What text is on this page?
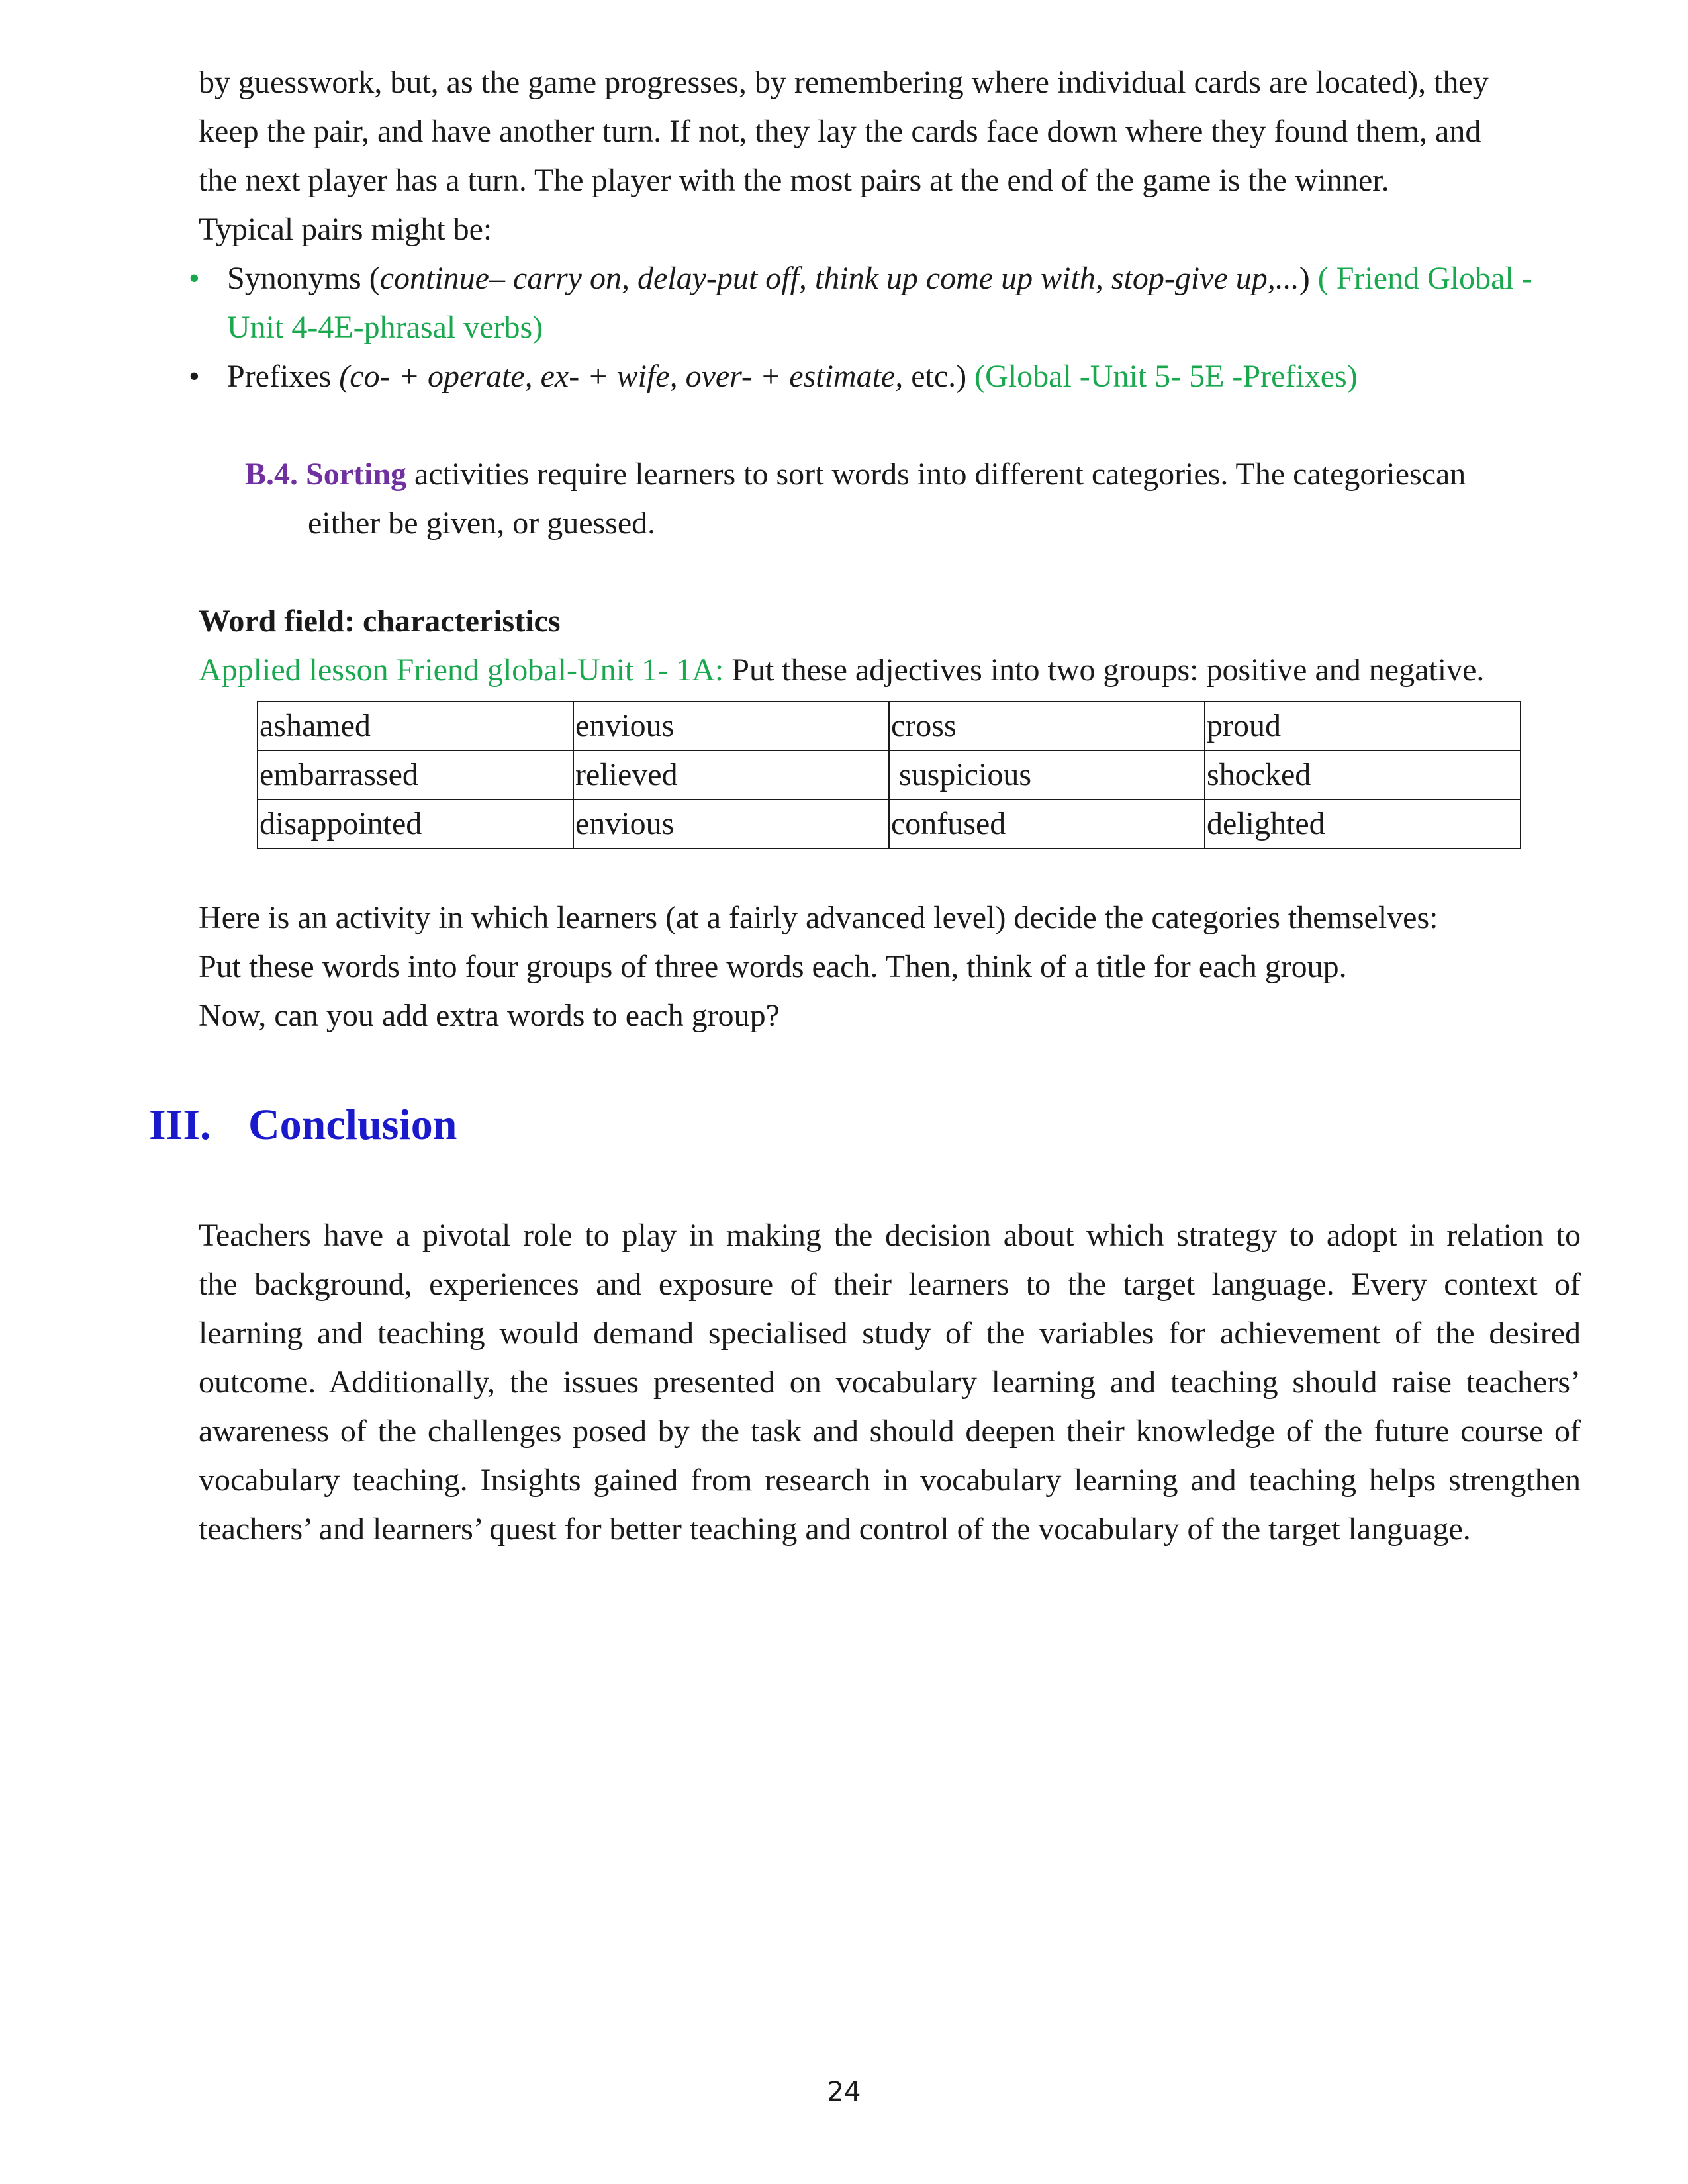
by guesswork, but, as the game progresses, by remembering where individual cards are located), they
keep the pair, and have another turn. If not, they lay the cards face down where they found them, and
the next player has a turn. The player with the most pairs at the end of the game is the winner.
Typical pairs might be:
• Synonyms (continue– carry on, delay-put off, think up come up with, stop-give up,...) ( Friend Global -
Unit 4-4E-phrasal verbs)
• Prefixes (co- + operate, ex- + wife, over- + estimate, etc.) (Global -Unit 5- 5E -Prefixes)
B.4. Sorting activities require learners to sort words into different categories. The categoriescan
either be given, or guessed.
Word field: characteristics
Applied lesson Friend global-Unit 1- 1A: Put these adjectives into two groups: positive and negative.
ashamed	envious	cross	proud
embarrassed	relieved	suspicious	shocked
disappointed	envious	confused	delighted
Here is an activity in which learners (at a fairly advanced level) decide the categories themselves:
Put these words into four groups of three words each. Then, think of a title for each group.
Now, can you add extra words to each group?
III. Conclusion
Teachers have a pivotal role to play in making the decision about which strategy to adopt in relation to
the background, experiences and exposure of their learners to the target language. Every context of
learning and teaching would demand specialised study of the variables for achievement of the desired
outcome. Additionally, the issues presented on vocabulary learning and teaching should raise teachers’
awareness of the challenges posed by the task and should deepen their knowledge of the future course of
vocabulary teaching. Insights gained from research in vocabulary learning and teaching helps strengthen
teachers’ and learners’ quest for better teaching and control of the vocabulary of the target language.
24
